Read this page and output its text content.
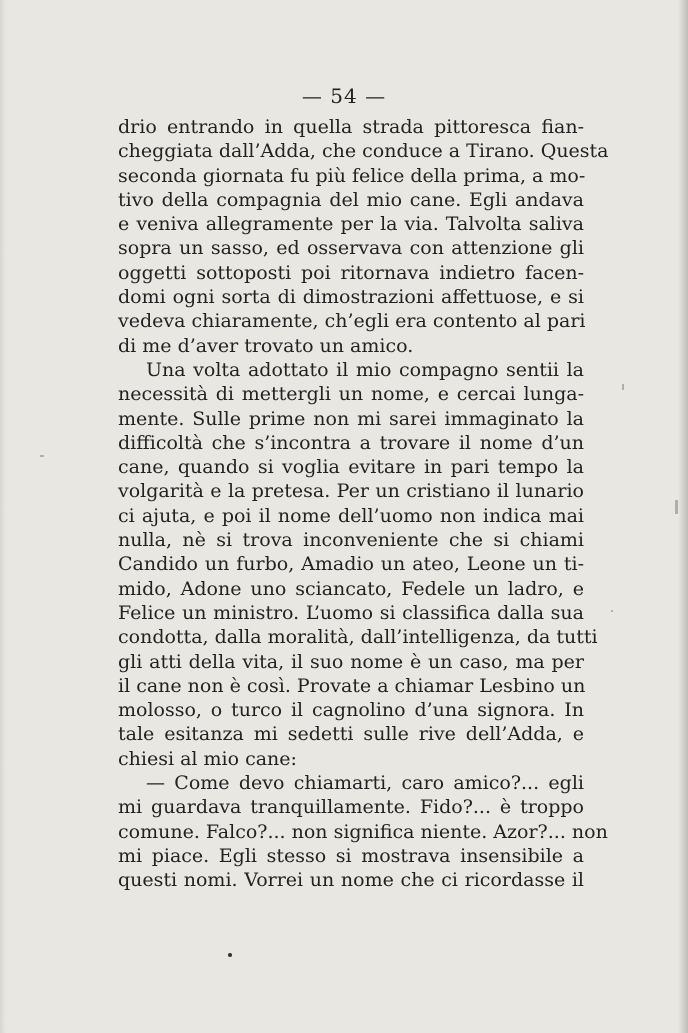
— 54 —
drio entrando in quella strada pittoresca fian-
cheggiata dall’Adda, che conduce a Tirano. Questa
seconda giornata fu più felice della prima, a mo-
tivo della compagnia del mio cane. Egli andava
e veniva allegramente per la via. Talvolta saliva
sopra un sasso, ed osservava con attenzione gli
oggetti sottoposti poi ritornava indietro facen-
domi ogni sorta di dimostrazioni affettuose, e si
vedeva chiaramente, ch’egli era contento al pari
di me d’aver trovato un amico.
Una volta adottato il mio compagno sentii la
necessità di mettergli un nome, e cercai lunga-
mente. Sulle prime non mi sarei immaginato la
difficoltà che s’incontra a trovare il nome d’un
cane, quando si voglia evitare in pari tempo la
volgarità e la pretesa. Per un cristiano il lunario
ci ajuta, e poi il nome dell’uomo non indica mai
nulla, nè si trova inconveniente che si chiami
Candido un furbo, Amadio un ateo, Leone un ti-
mido, Adone uno sciancato, Fedele un ladro, e
Felice un ministro. L’uomo si classifica dalla sua
condotta, dalla moralità, dall’intelligenza, da tutti
gli atti della vita, il suo nome è un caso, ma per
il cane non è così. Provate a chiamar Lesbino un
molosso, o turco il cagnolino d’una signora. In
tale esitanza mi sedetti sulle rive dell’Adda, e
chiesi al mio cane:
— Come devo chiamarti, caro amico?... egli
mi guardava tranquillamente. Fido?... è troppo
comune. Falco?... non significa niente. Azor?... non
mi piace. Egli stesso si mostrava insensibile a
questi nomi. Vorrei un nome che ci ricordasse il
